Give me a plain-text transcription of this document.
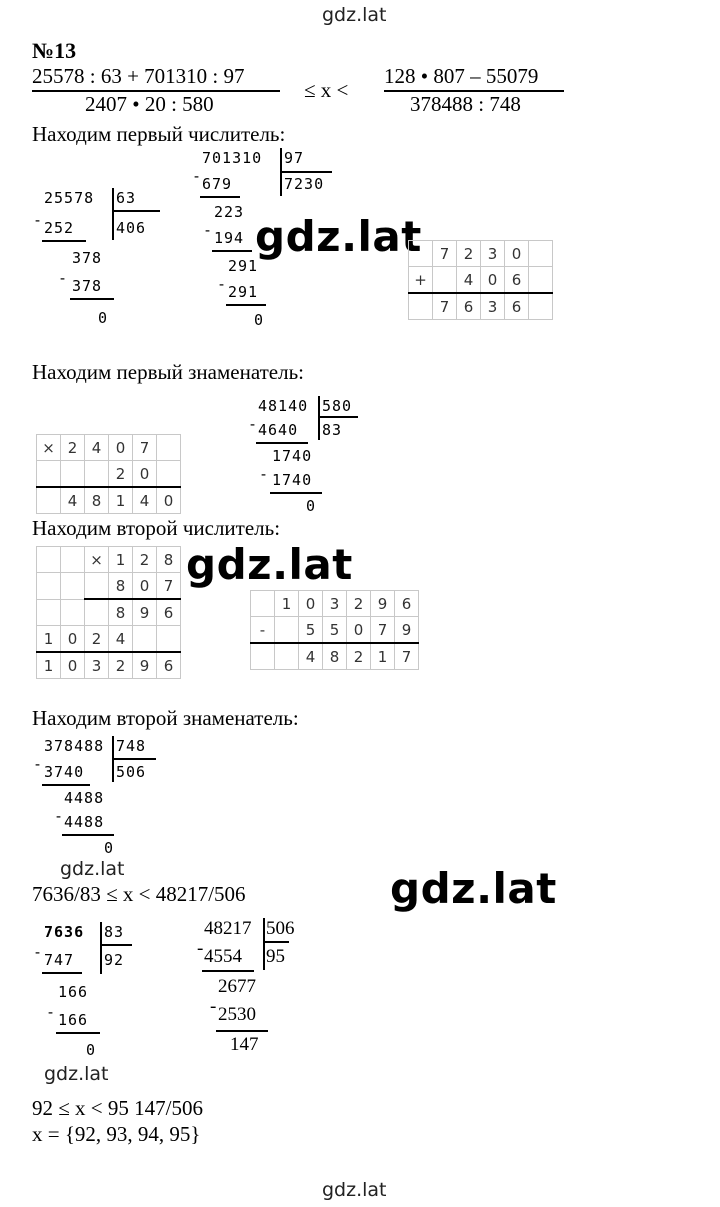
gdz.lat
gdz.lat
gdz.lat
gdz.lat	gdz.lat
gdz.lat
gdz.lat
№13
25578 : 63 + 701310 : 97
2407 • 20 : 580
≤ x <
128 • 807 – 55079
378488 : 748
Находим первый числитель:
25578 63
406
- 252
378
- 378
0
701310 97
7230
- 679
223
- 194
291
- 291
0
	7	2	3	0	
+		4	0	6	
	7	6	3	6	
Находим первый знаменатель:
×	2	4	0	7	
			2	0	
	4	8	1	4	0
48140 580
83
- 4640
1740
- 1740
0
Находим второй числитель:
		×	1	2	8
			8	0	7
			8	9	6
1	0	2	4		
1	0	3	2	9	6
	1	0	3	2	9	6
-		5	5	0	7	9
		4	8	2	1	7
Находим второй знаменатель:
378488 748
506
- 3740
4488
- 4488
0
7636/83 ≤ x < 48217/506
7636 83
92
- 747
166
- 166
0
48217 506
95
- 4554
2677
- 2530
147
92 ≤ x < 95 147/506
x = {92, 93, 94, 95}
